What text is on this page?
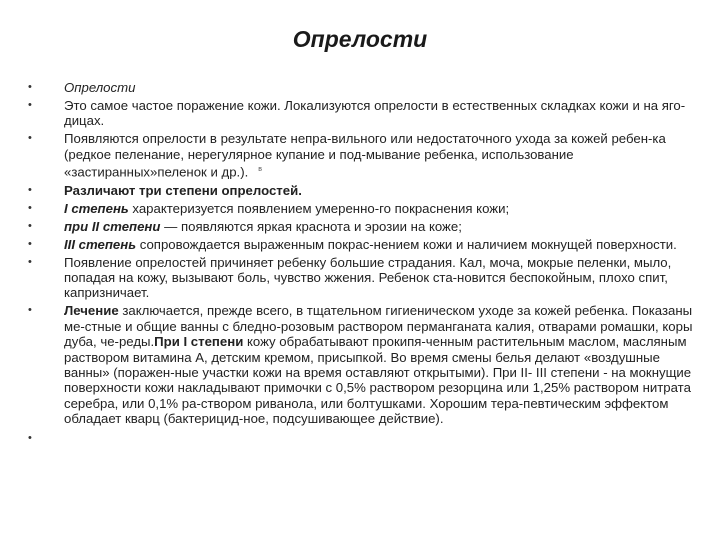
Опрелости
• Опрелости
• Это самое частое поражение кожи. Локализуются опрелости в естественных складках кожи и на яго-дицах.
• Появляются опрелости в результате непра-вильного или недостаточного ухода за кожей ребен-ка (редкое пеленание, нерегулярное купание и под-мывание ребенка, использование «застиранных»пеленок и др.). $^в$
• Различают три степени опрелостей.
• I степень характеризуется появлением умеренно-го покраснения кожи;
• при II степени — появляются яркая краснота и эрозии на коже;
• III степень сопровождается выраженным покрас-нением кожи и наличием мокнущей поверхности.
• Появление опрелостей причиняет ребенку большие страдания. Кал, моча, мокрые пеленки, мыло, попадая на кожу, вызывают боль, чувство жжения. Ребенок ста-новится беспокойным, плохо спит, капризничает.
• Лечение заключается, прежде всего, в тщательном гигиеническом уходе за кожей ребенка. Показаны ме-стные и общие ванны с бледно-розовым раствором перманганата калия, отварами ромашки, коры дуба, че-реды.При I степени кожу обрабатывают прокипя-ченным растительным маслом, масляным раствором витамина А, детским кремом, присыпкой. Во время смены белья делают «воздушные ванны» (поражен-ные участки кожи на время оставляют открытыми). При II- III степени - на мокнущие поверхности кожи накладывают примочки с 0,5% раствором резорцина или 1,25% раствором нитрата серебра, или 0,1% ра-створом риванола, или болтушками. Хорошим тера-певтическим эффектом обладает кварц (бактерицид-ное, подсушивающее действие).
•
